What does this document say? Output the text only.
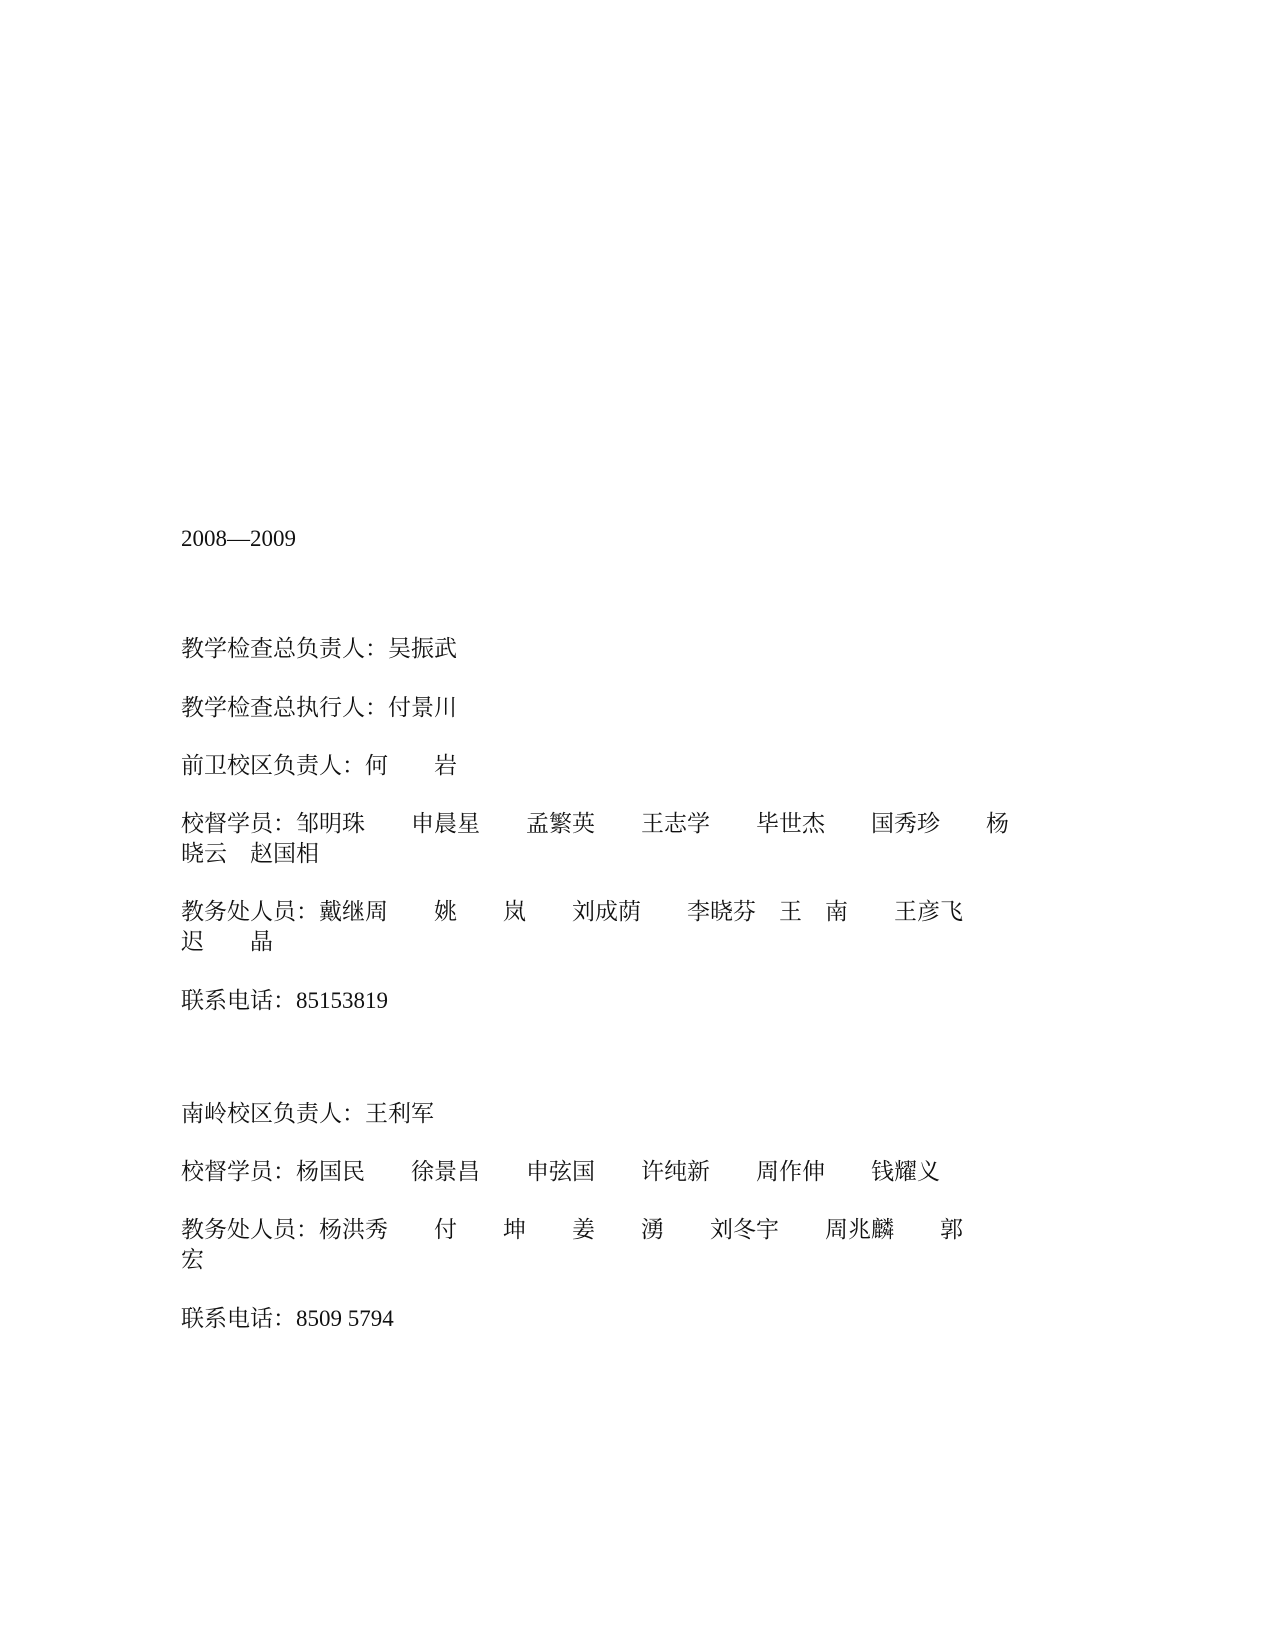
2008—2009

教学检查总负责人：吴振武

教学检查总执行人：付景川

前卫校区负责人：何　　岩

校督学员：邹明珠　　申晨星　　孟繁英　　王志学　　毕世杰　　国秀珍　　杨

晓云　赵国相

教务处人员：戴继周　　姚　　岚　　刘成荫　　李晓芬　王　南　　王彦飞

迟　　晶

联系电话：85153819

南岭校区负责人：王利军

校督学员：杨国民　　徐景昌　　申弦国　　许纯新　　周作伸　　钱耀义

教务处人员：杨洪秀　　付　　坤　　姜　　湧　　刘冬宇　　周兆麟　　郭

宏

联系电话：8509 5794
